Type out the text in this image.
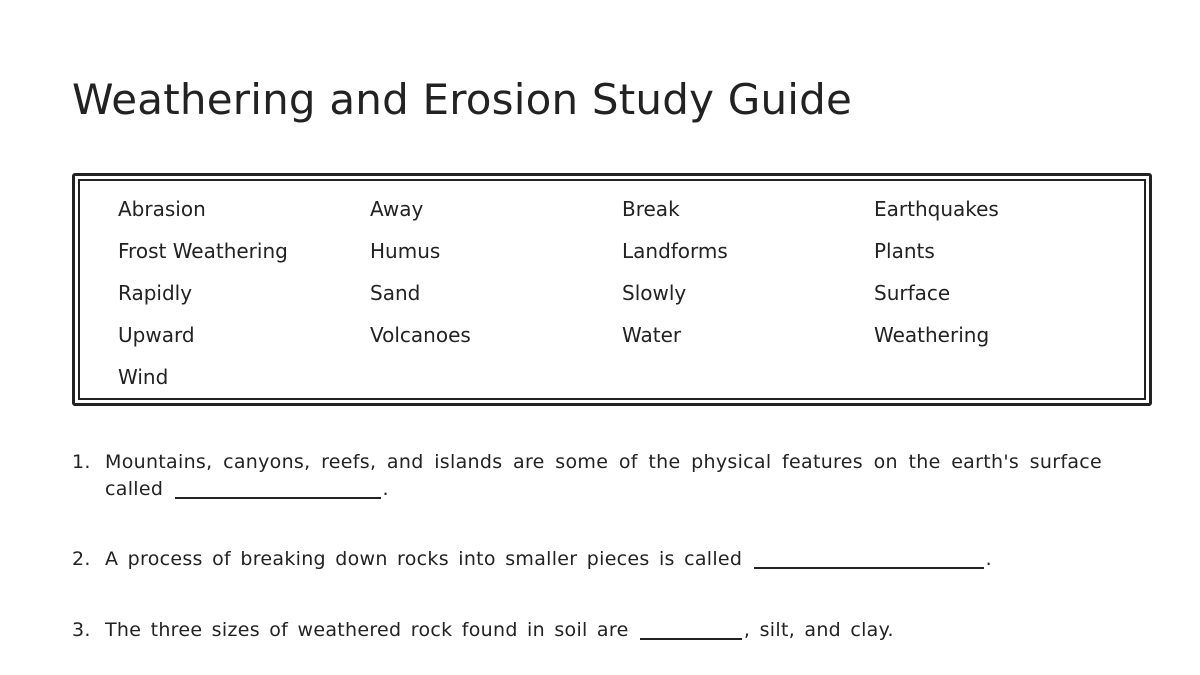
Weathering and Erosion Study Guide
Abrasion	Away	Break	Earthquakes
Frost Weathering	Humus	Landforms	Plants
Rapidly	Sand	Slowly	Surface
Upward	Volcanoes	Water	Weathering
Wind
1. Mountains, canyons, reefs, and islands are some of the physical features on the earth's surface called	.
2. A process of breaking down rocks into smaller pieces is called	.
3. The three sizes of weathered rock found in soil are	, silt, and clay.
